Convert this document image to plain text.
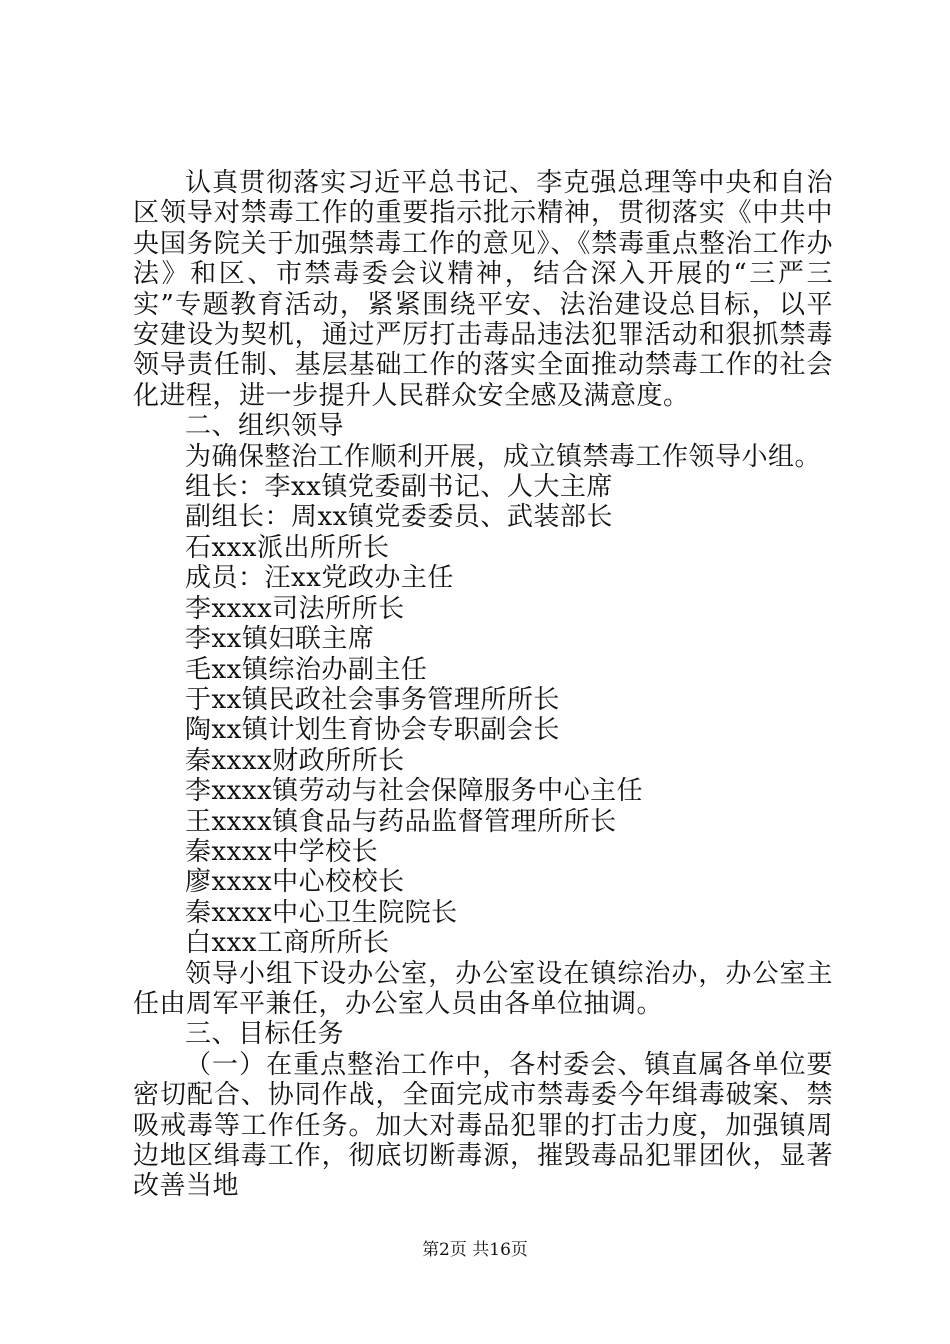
认真贯彻落实习近平总书记、李克强总理等中央和自治区领导对禁毒工作的重要指示批示精神，贯彻落实《中共中央国务院关于加强禁毒工作的意见》、《禁毒重点整治工作办法》和区、市禁毒委会议精神，结合深入开展的“三严三实”专题教育活动，紧紧围绕平安、法治建设总目标，以平安建设为契机，通过严厉打击毒品违法犯罪活动和狠抓禁毒领导责任制、基层基础工作的落实全面推动禁毒工作的社会化进程，进一步提升人民群众安全感及满意度。

二、组织领导

为确保整治工作顺利开展，成立镇禁毒工作领导小组。

组长：李xx镇党委副书记、人大主席

副组长：周xx镇党委委员、武装部长

石xxx派出所所长

成员：汪xx党政办主任

李xxxx司法所所长

李xx镇妇联主席

毛xx镇综治办副主任

于xx镇民政社会事务管理所所长

陶xx镇计划生育协会专职副会长

秦xxxx财政所所长

李xxxx镇劳动与社会保障服务中心主任

王xxxx镇食品与药品监督管理所所长

秦xxxx中学校长

廖xxxx中心校校长

秦xxxx中心卫生院院长

白xxx工商所所长

领导小组下设办公室，办公室设在镇综治办，办公室主任由周军平兼任，办公室人员由各单位抽调。

三、目标任务

（一）在重点整治工作中，各村委会、镇直属各单位要密切配合、协同作战，全面完成市禁毒委今年缉毒破案、禁吸戒毒等工作任务。加大对毒品犯罪的打击力度，加强镇周边地区缉毒工作，彻底切断毒源，摧毁毒品犯罪团伙，显著改善当地

第2页 共16页
